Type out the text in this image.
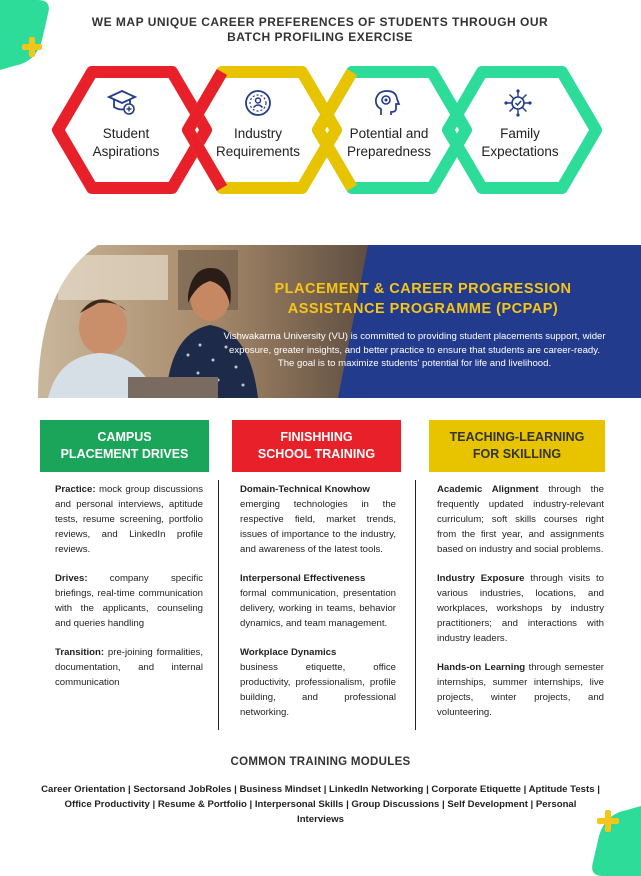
WE MAP UNIQUE CAREER PREFERENCES OF STUDENTS THROUGH OUR
BATCH PROFILING EXERCISE
Student
Aspirations
Industry
Requirements
Potential and
Preparedness
Family
Expectations
PLACEMENT & CAREER PROGRESSION
ASSISTANCE PROGRAMME (PCPAP)
Vishwakarma University (VU) is committed to providing student placements support, wider exposure, greater insights, and better practice to ensure that students are career-ready. The goal is to maximize students' potential for life and livelihood.
CAMPUS
PLACEMENT DRIVES
FINISHHING
SCHOOL TRAINING
TEACHING-LEARNING
FOR SKILLING

Practice: mock group discussions and personal interviews, aptitude tests, resume screening, portfolio reviews, and LinkedIn profile reviews.

Drives: company specific briefings, real-time communication with the applicants, counseling and queries handling

Transition: pre-joining formalities, documentation, and internal communication

Domain-Technical Knowhow
emerging technologies in the respective field, market trends, issues of importance to the industry, and awareness of the latest tools.

Interpersonal Effectiveness
formal communication, presentation delivery, working in teams, behavior dynamics, and team management.

Workplace Dynamics
business etiquette, office productivity, professionalism, profile building, and professional networking.

Academic Alignment through the frequently updated industry-relevant curriculum; soft skills courses right from the first year, and assignments based on industry and social problems.

Industry Exposure through visits to various industries, locations, and workplaces, workshops by industry practitioners; and interactions with industry leaders.

Hands-on Learning through semester internships, summer internships, live projects, winter projects, and volunteering.

COMMON TRAINING MODULES
Career Orientation | Sectorsand JobRoles | Business Mindset | LinkedIn Networking | Corporate Etiquette | Aptitude Tests | Office Productivity | Resume & Portfolio | Interpersonal Skills | Group Discussions | Self Development | Personal Interviews
